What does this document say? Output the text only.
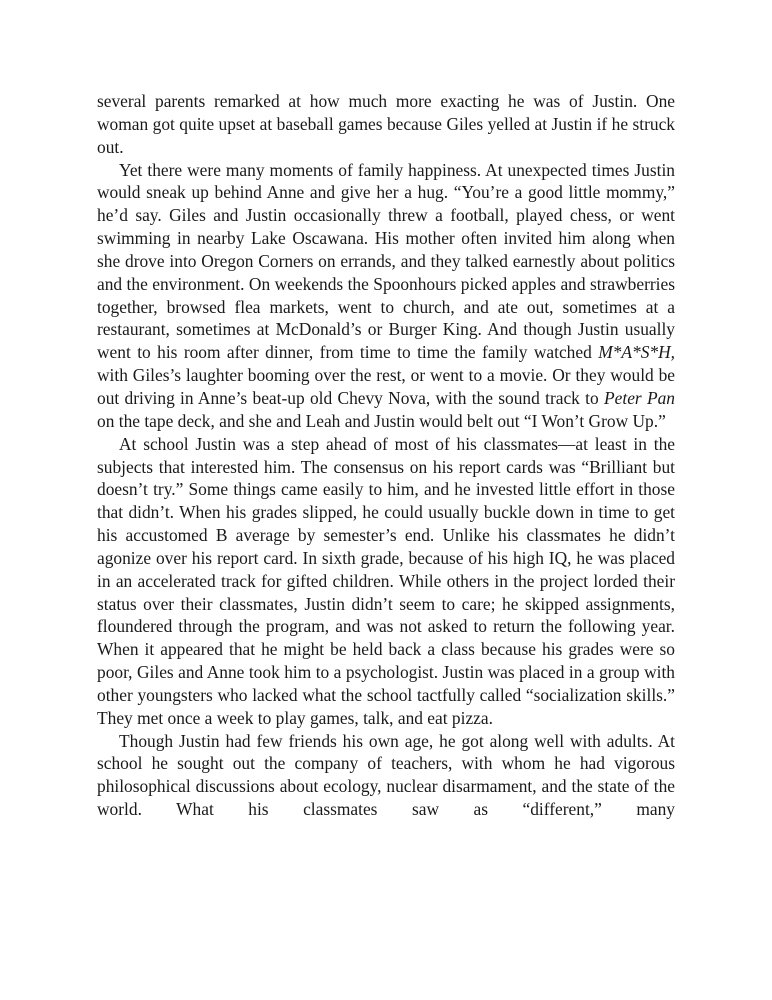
several parents remarked at how much more exacting he was of Justin. One woman got quite upset at baseball games because Giles yelled at Justin if he struck out.

Yet there were many moments of family happiness. At unexpected times Justin would sneak up behind Anne and give her a hug. “You’re a good little mommy,” he’d say. Giles and Justin occasionally threw a football, played chess, or went swimming in nearby Lake Oscawana. His mother often invited him along when she drove into Oregon Corners on errands, and they talked earnestly about politics and the environment. On weekends the Spoonhours picked apples and strawberries together, browsed flea markets, went to church, and ate out, sometimes at a restaurant, sometimes at McDonald’s or Burger King. And though Justin usually went to his room after dinner, from time to time the family watched M*A*S*H, with Giles’s laughter booming over the rest, or went to a movie. Or they would be out driving in Anne’s beat-up old Chevy Nova, with the sound track to Peter Pan on the tape deck, and she and Leah and Justin would belt out “I Won’t Grow Up.”

At school Justin was a step ahead of most of his classmates—at least in the subjects that interested him. The consensus on his report cards was “Brilliant but doesn’t try.” Some things came easily to him, and he invested little effort in those that didn’t. When his grades slipped, he could usually buckle down in time to get his accustomed B average by semester’s end. Unlike his classmates he didn’t agonize over his report card. In sixth grade, because of his high IQ, he was placed in an accelerated track for gifted children. While others in the project lorded their status over their classmates, Justin didn’t seem to care; he skipped assignments, floundered through the program, and was not asked to return the following year. When it appeared that he might be held back a class because his grades were so poor, Giles and Anne took him to a psychologist. Justin was placed in a group with other youngsters who lacked what the school tactfully called “socialization skills.” They met once a week to play games, talk, and eat pizza.

Though Justin had few friends his own age, he got along well with adults. At school he sought out the company of teachers, with whom he had vigorous philosophical discussions about ecology, nuclear disarmament, and the state of the world. What his classmates saw as “different,” many
